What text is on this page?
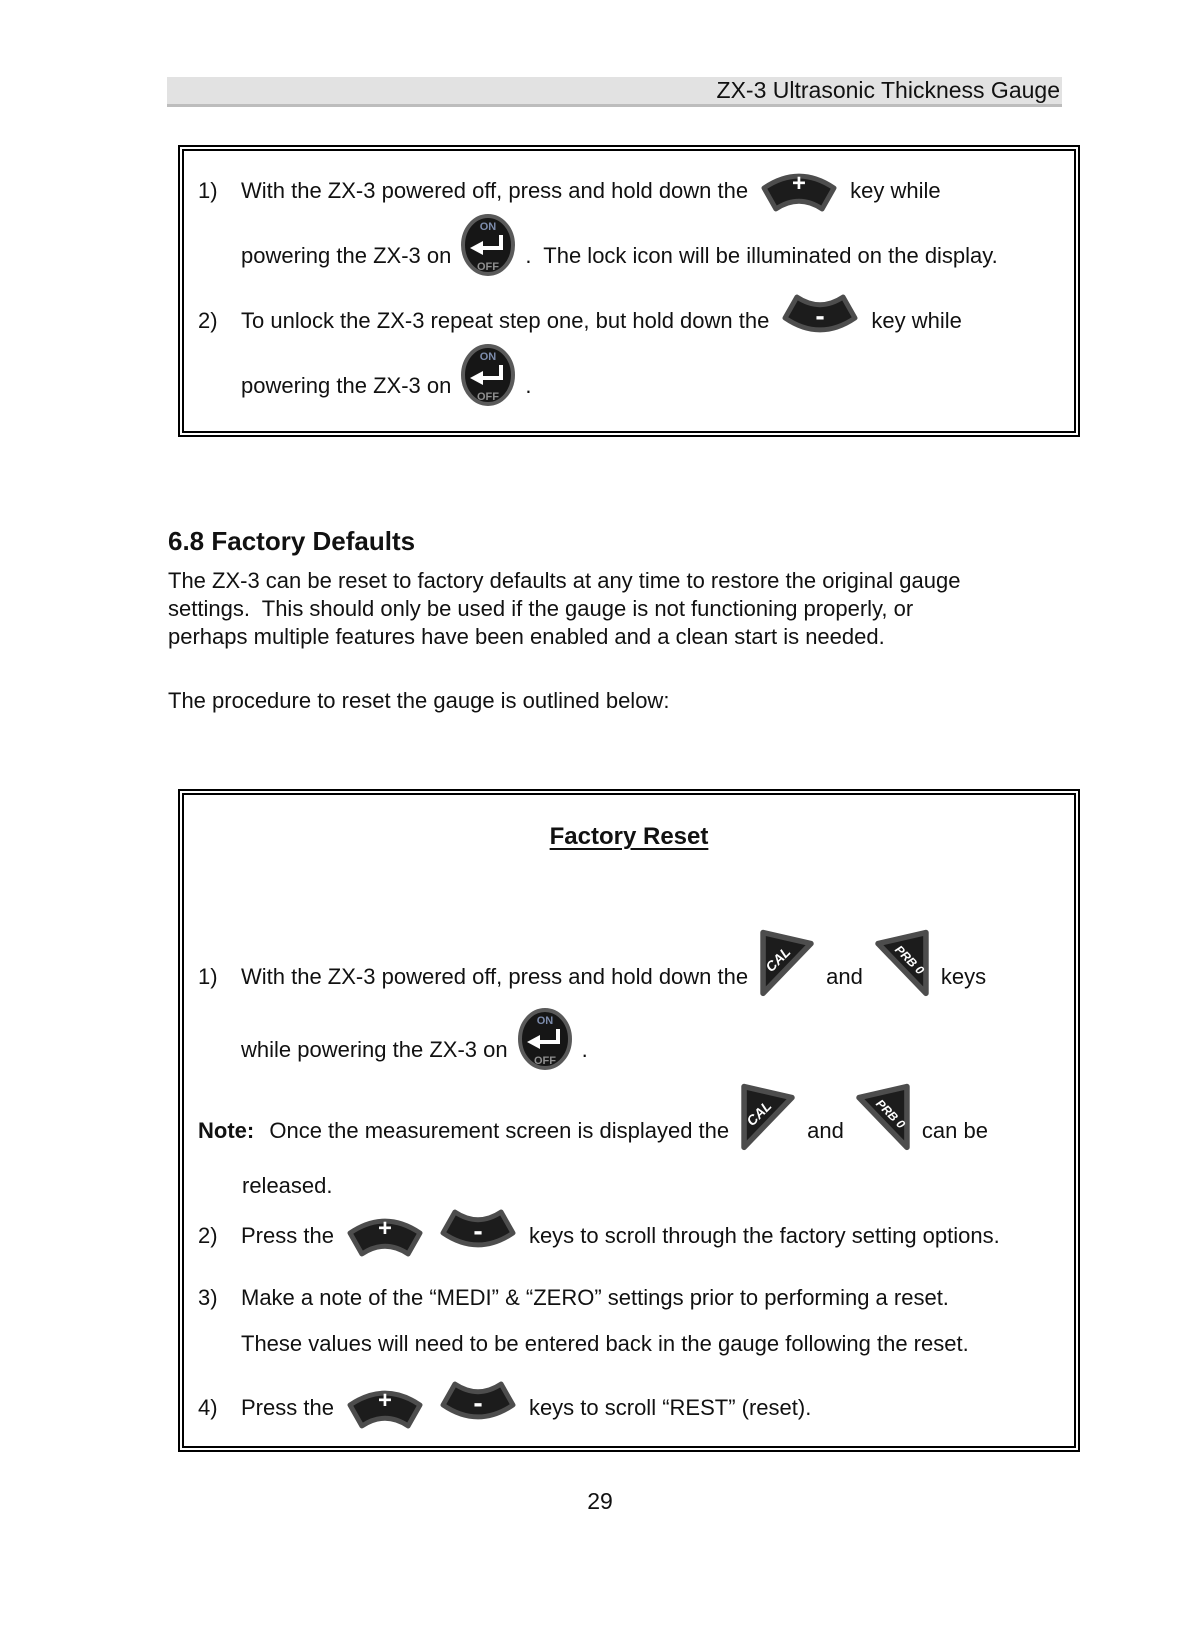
ZX-3 Ultrasonic Thickness Gauge
1)	With the ZX-3 powered off, press and hold down the + key while
powering the ZX-3 on
ON
OFF .  The lock icon will be illuminated on the display.
2)	To unlock the ZX-3 repeat step one, but hold down the - key while
powering the ZX-3 on
ON
OFF .
6.8 Factory Defaults
The ZX-3 can be reset to factory defaults at any time to restore the original gauge
settings.  This should only be used if the gauge is not functioning properly, or
perhaps multiple features have been enabled and a clean start is needed.
The procedure to reset the gauge is outlined below:
Factory Reset
1)	With the ZX-3 powered off, press and hold down the
CAL
and PRB 0 keys
while powering the ZX-3 on
ON
OFF .
Note: Once the measurement screen is displayed the
CAL
and PRB 0 can be
released.
2)	Press the + - keys to scroll through the factory setting options.
3)	Make a note of the “MEDI” & “ZERO” settings prior to performing a reset.
These values will need to be entered back in the gauge following the reset.
4)	Press the + - keys to scroll “REST” (reset).
29
